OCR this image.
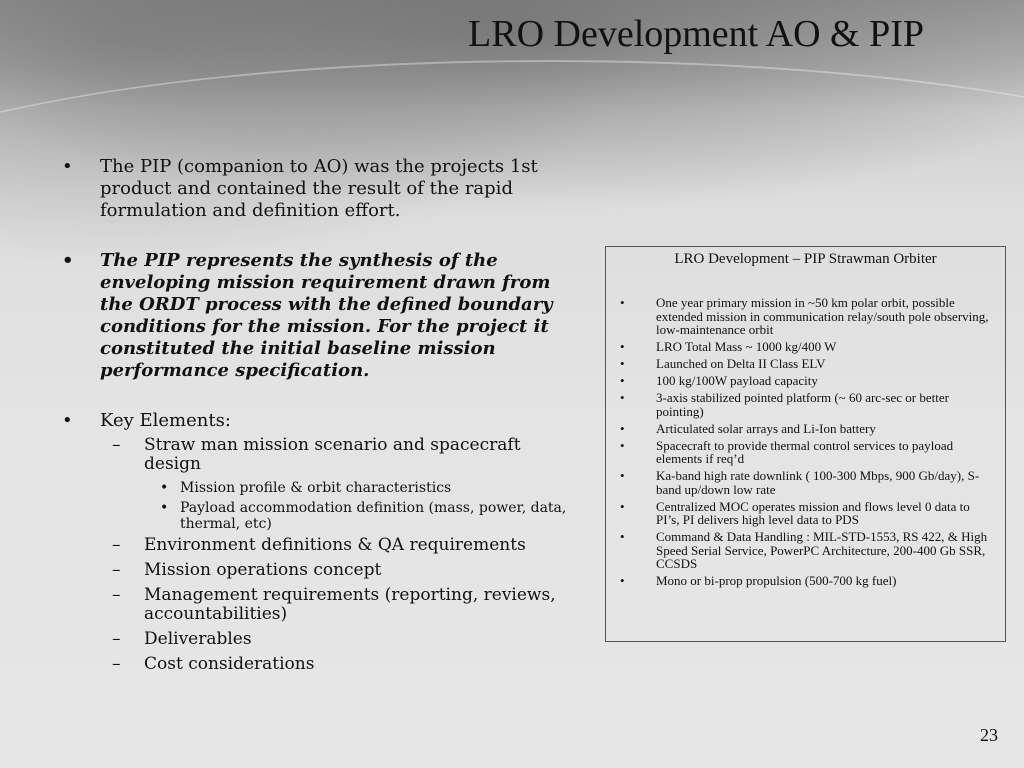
LRO Development AO & PIP
•	The PIP (companion to AO) was the projects 1st product and contained the result of the rapid formulation and definition effort.
•	The PIP represents the synthesis of the enveloping mission requirement drawn from the ORDT process with the defined boundary conditions for the mission. For the project it constituted the initial baseline mission performance specification.
•	Key Elements:
–	Straw man mission scenario and spacecraft design
• Mission profile & orbit characteristics
• Payload accommodation definition (mass, power, data, thermal, etc)
–	Environment definitions & QA requirements
–	Mission operations concept
–	Management requirements (reporting, reviews, accountabilities)
–	Deliverables
–	Cost considerations
LRO Development – PIP Strawman Orbiter
•	One year primary mission in ~50 km polar orbit, possible extended mission in communication relay/south pole observing, low-maintenance orbit
•	LRO Total Mass ~ 1000 kg/400 W
•	Launched on Delta II Class ELV
•	100 kg/100W payload capacity
•	3-axis stabilized pointed platform (~ 60 arc-sec or better pointing)
•	Articulated solar arrays and Li-Ion battery
•	Spacecraft to provide thermal control services to payload elements if req’d
•	Ka-band high rate downlink ( 100-300 Mbps, 900 Gb/day), S-band up/down low rate
•	Centralized MOC operates mission and flows level 0 data to PI’s, PI delivers high level data to PDS
•	Command & Data Handling : MIL-STD-1553, RS 422, & High Speed Serial Service, PowerPC Architecture, 200-400 Gb SSR, CCSDS
•	Mono or bi-prop propulsion (500-700 kg fuel)
23
